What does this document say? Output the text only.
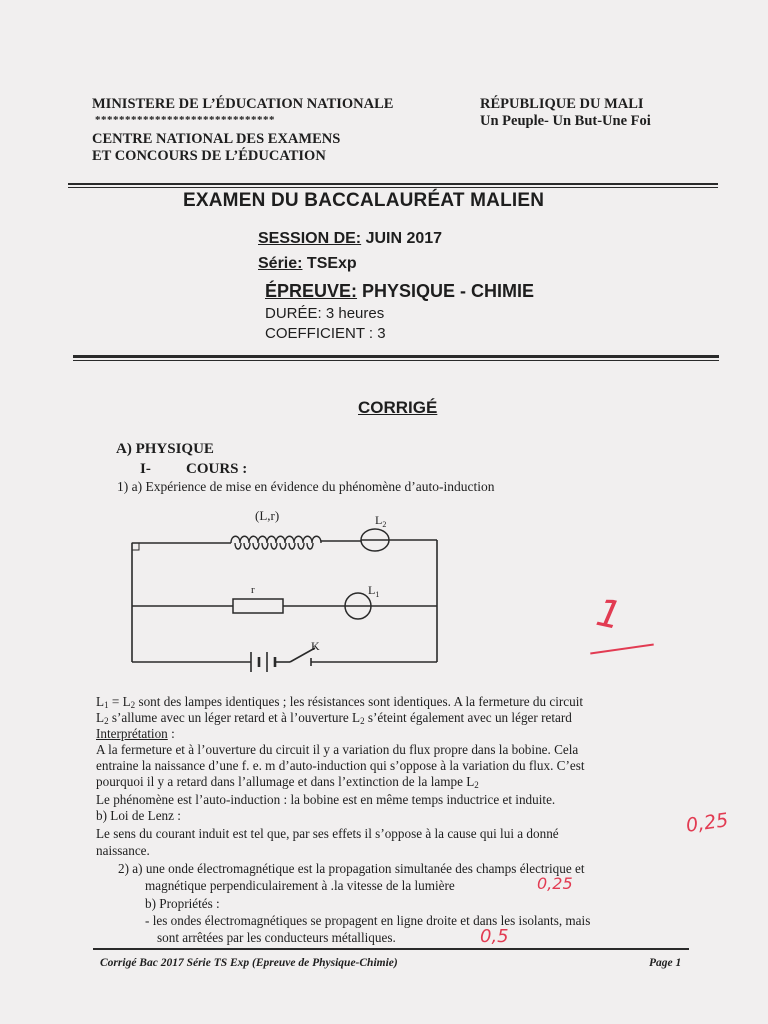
MINISTERE DE L’ÉDUCATION NATIONALE
******************************
CENTRE NATIONAL DES EXAMENS
ET CONCOURS DE L’ÉDUCATION
RÉPUBLIQUE DU MALI
Un Peuple- Un But-Une Foi
EXAMEN DU BACCALAURÉAT MALIEN
SESSION DE: JUIN 2017
Série: TSExp
ÉPREUVE: PHYSIQUE - CHIMIE
DURÉE: 3 heures
COEFFICIENT : 3
CORRIGÉ
A) PHYSIQUE
I- COURS :
1) a) Expérience de mise en évidence du phénomène d’auto-induction
(L,r)	$L_2$
r	$L_1$
K
1
$L_1 = L_2$ sont des lampes identiques ; les résistances sont identiques. A la fermeture du circuit
$L_2$ s’allume avec un léger retard et à l’ouverture $L_2$ s’éteint également avec un léger retard
Interprétation :
A la fermeture et à l’ouverture du circuit il y a variation du flux propre dans la bobine. Cela
entraine la naissance d’une f. e. m d’auto-induction qui s’oppose à la variation du flux. C’est
pourquoi il y a retard dans l’allumage et dans l’extinction de la lampe $L_2$
Le phénomène est l’auto-induction : la bobine est en même temps inductrice et induite.
b) Loi de Lenz :
Le sens du courant induit est tel que, par ses effets il s’oppose à la cause qui lui a donné
naissance.
2) a) une onde électromagnétique est la propagation simultanée des champs électrique et
magnétique perpendiculairement à .la vitesse de la lumière
b) Propriétés :
- les ondes électromagnétiques se propagent en ligne droite et dans les isolants, mais
sont arrêtées par les conducteurs métalliques.
0,25
0,25
0,5
Corrigé Bac 2017 Série TS Exp (Epreuve de Physique-Chimie)	Page 1
